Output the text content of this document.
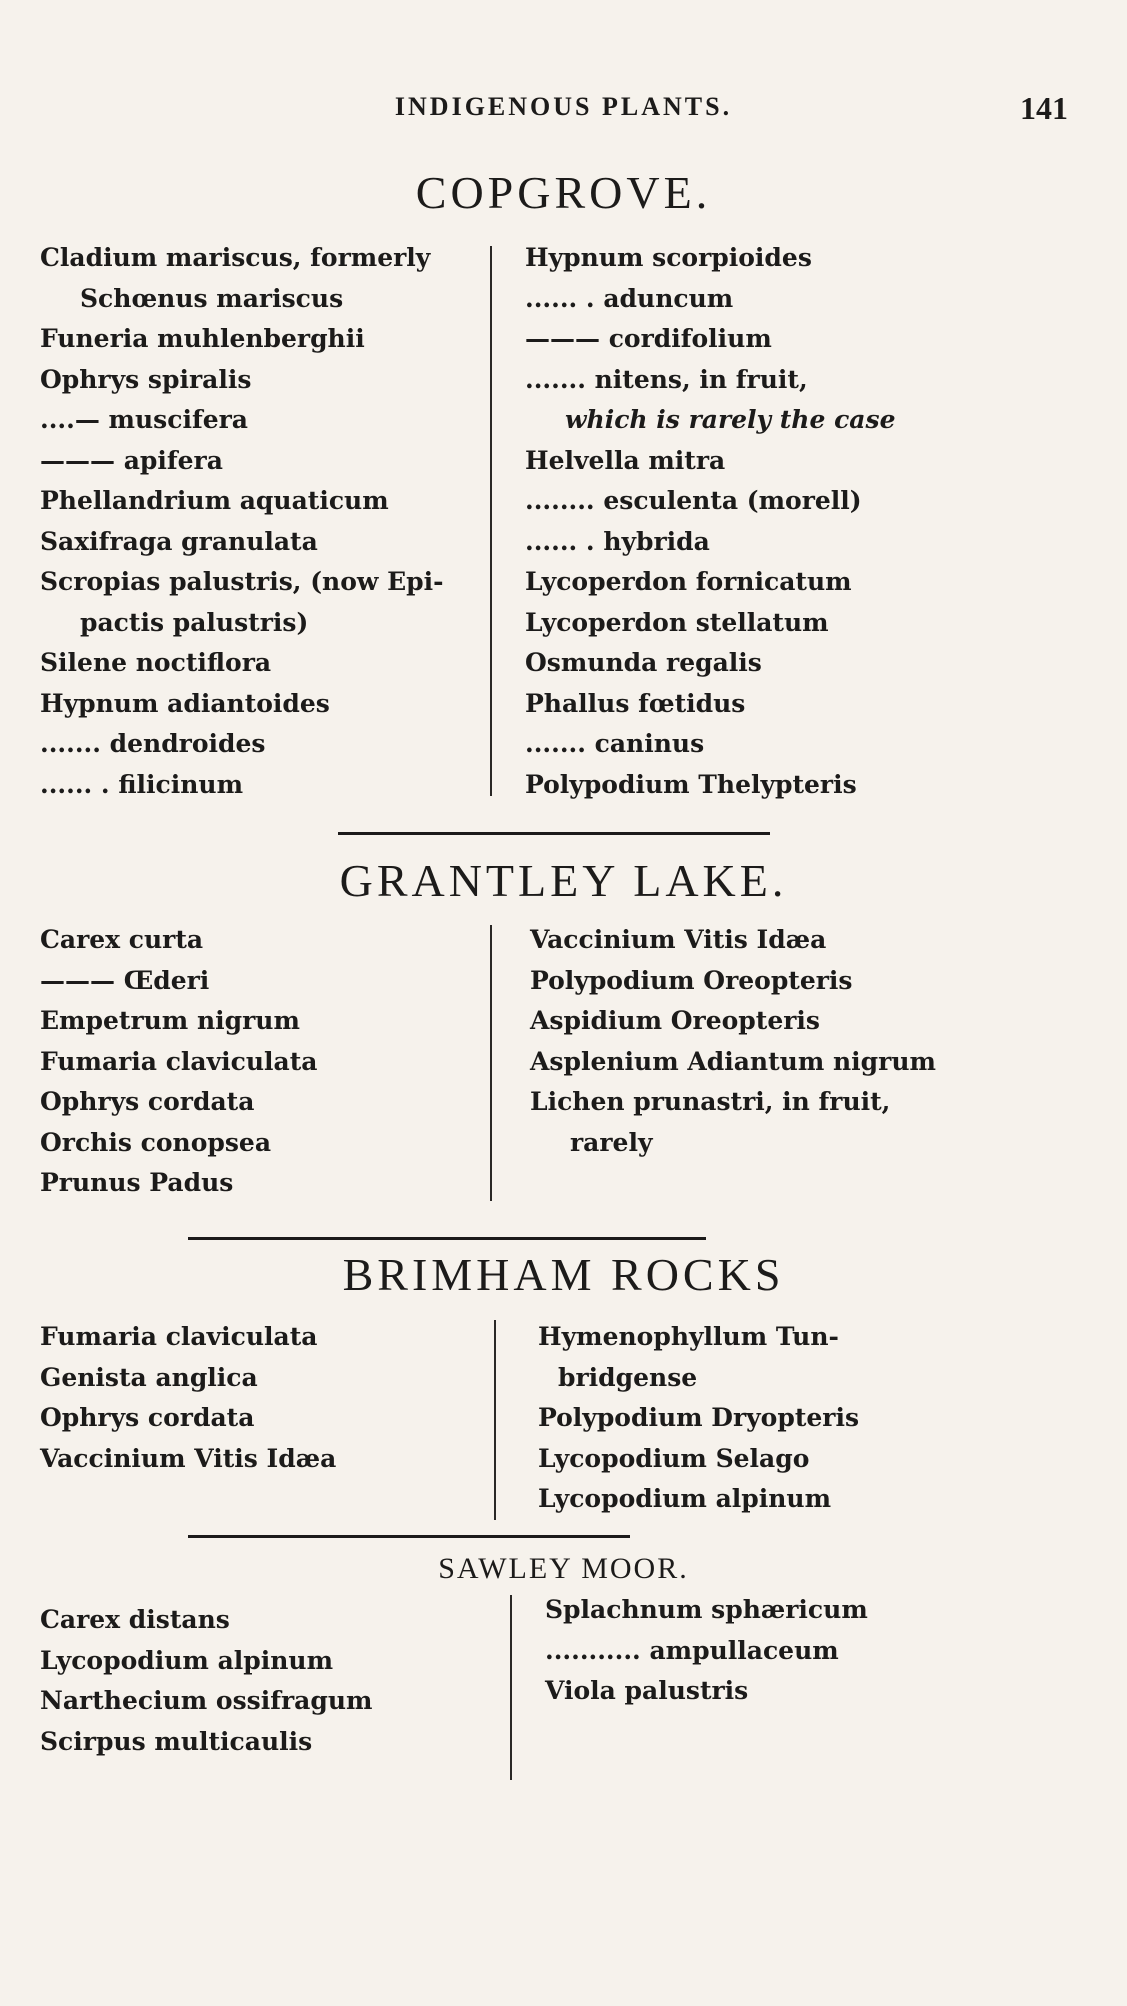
INDIGENOUS PLANTS.	141
COPGROVE.
Cladium mariscus, formerly
Schœnus mariscus
Funeria muhlenberghii
Ophrys spiralis
....— muscifera
——— apifera
Phellandrium aquaticum
Saxifraga granulata
Scropias palustris, (now Epi-
pactis palustris)
Silene noctiflora
Hypnum adiantoides
....... dendroides
...... . filicinum
Hypnum scorpioides
...... . aduncum
——— cordifolium
....... nitens, in fruit,
which is rarely the case
Helvella mitra
........ esculenta (morell)
...... . hybrida
Lycoperdon fornicatum
Lycoperdon stellatum
Osmunda regalis
Phallus fœtidus
....... caninus
Polypodium Thelypteris
GRANTLEY LAKE.
Carex curta
——— Œderi
Empetrum nigrum
Fumaria claviculata
Ophrys cordata
Orchis conopsea
Prunus Padus
Vaccinium Vitis Idæa
Polypodium Oreopteris
Aspidium Oreopteris
Asplenium Adiantum nigrum
Lichen prunastri, in fruit,
rarely
BRIMHAM ROCKS
Fumaria claviculata
Genista anglica
Ophrys cordata
Vaccinium Vitis Idæa
Hymenophyllum Tun-
bridgense
Polypodium Dryopteris
Lycopodium Selago
Lycopodium alpinum
SAWLEY MOOR.
Carex distans
Lycopodium alpinum
Narthecium ossifragum
Scirpus multicaulis
Splachnum sphæricum
........... ampullaceum
Viola palustris
